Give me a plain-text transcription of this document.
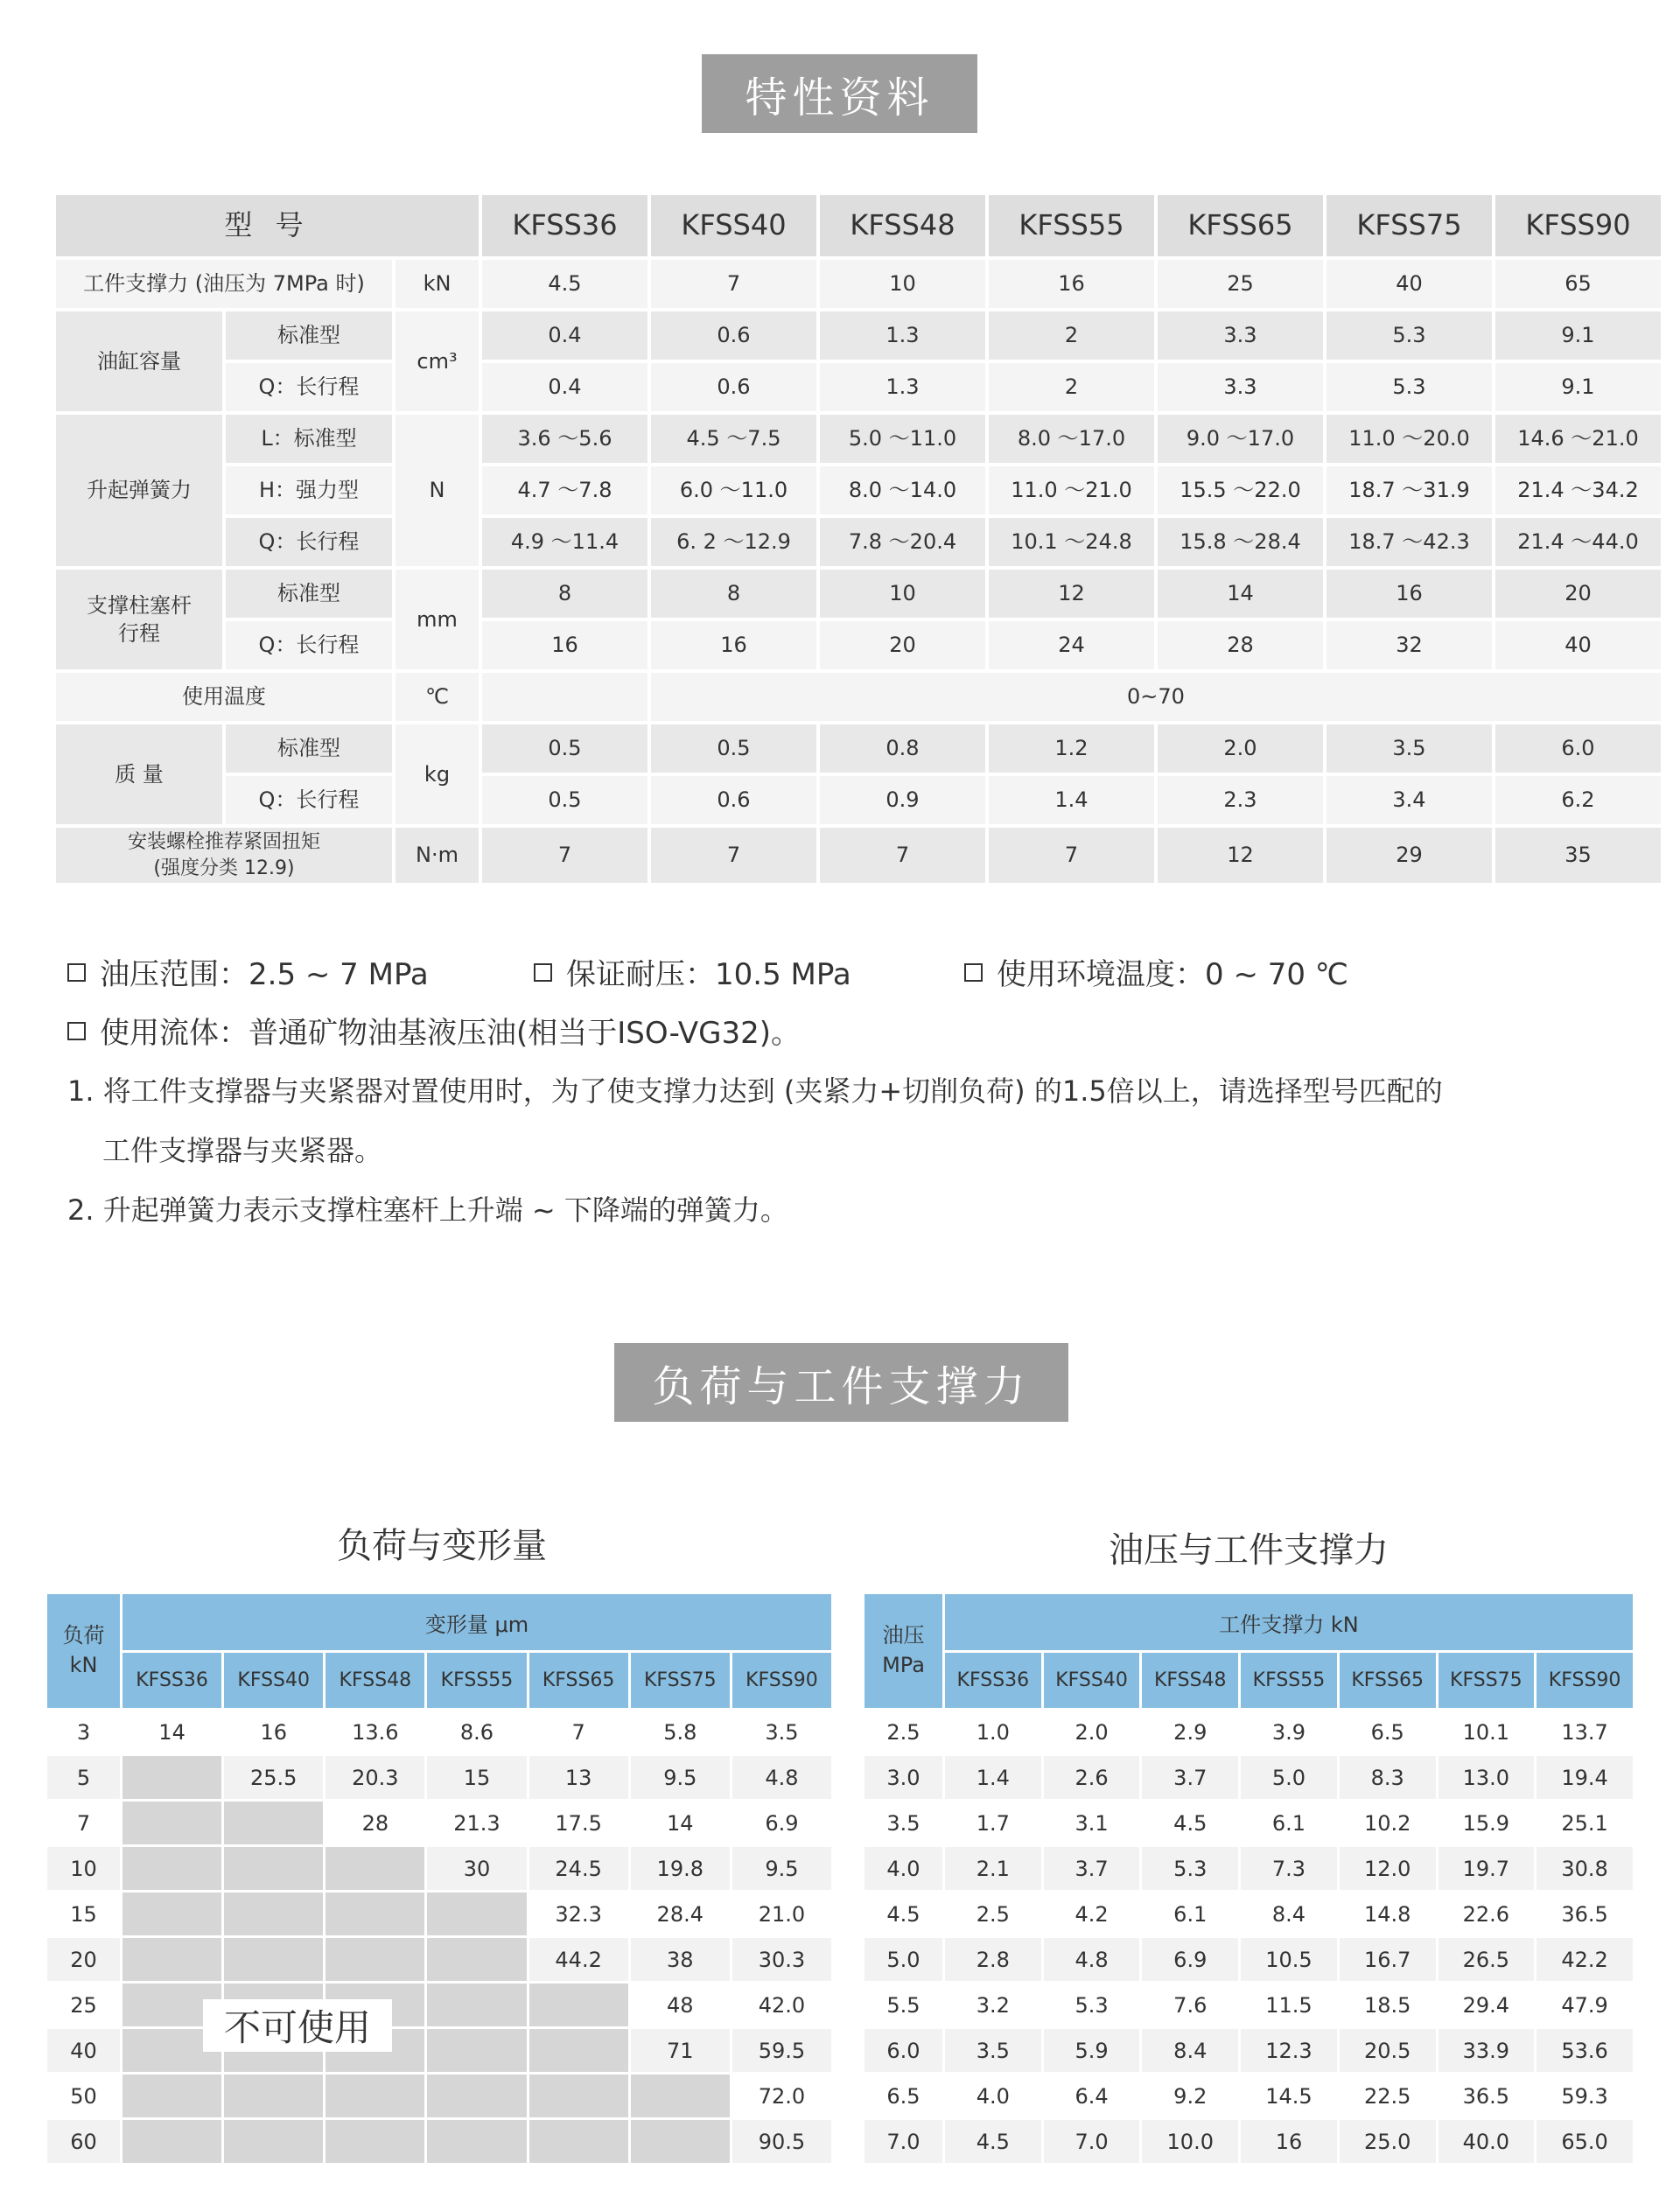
特性资料
型 号	KFSS36	KFSS40	KFSS48	KFSS55	KFSS65	KFSS75	KFSS90
工件支撑力 (油压为 7MPa 时)	kN	4.5	7	10	16	25	40	65
油缸容量	cm³
标准型	0.4	0.6	1.3	2	3.3	5.3	9.1
Q：长行程	0.4	0.6	1.3	2	3.3	5.3	9.1
升起弹簧力	N
L：标准型	3.6 ～5.6	4.5 ～7.5	5.0 ～11.0	8.0 ～17.0	9.0 ～17.0	11.0 ～20.0	14.6 ～21.0
H：强力型	4.7 ～7.8	6.0 ～11.0	8.0 ～14.0	11.0 ～21.0	15.5 ～22.0	18.7 ～31.9	21.4 ～34.2
Q：长行程	4.9 ～11.4	6. 2 ～12.9	7.8 ～20.4	10.1 ～24.8	15.8 ～28.4	18.7 ～42.3	21.4 ～44.0
支撑柱塞杆
行程
mm
标准型	8	8	10	12	14	16	20
Q：长行程	16	16	20	24	28	32	40
使用温度	℃	0~70
质 量	kg
标准型	0.5	0.5	0.8	1.2	2.0	3.5	6.0
Q：长行程	0.5	0.6	0.9	1.4	2.3	3.4	6.2
安装螺栓推荐紧固扭矩
(强度分类 12.9)
N·m	7	7	7	7	12	29	35
油压范围：2.5 ~ 7 MPa	保证耐压：10.5 MPa	使用环境温度：0 ~ 70 ℃
使用流体：普通矿物油基液压油(相当于ISO-VG32)。
1. 将工件支撑器与夹紧器对置使用时，为了使支撑力达到 (夹紧力+切削负荷) 的1.5倍以上，请选择型号匹配的
工件支撑器与夹紧器。
2. 升起弹簧力表示支撑柱塞杆上升端 ~ 下降端的弹簧力。
负荷与工件支撑力
负荷与变形量	油压与工件支撑力
负荷
kN	变形量 μm						
	KFSS36	KFSS40	KFSS48	KFSS55	KFSS65	KFSS75	KFSS90
3	14	16	13.6	8.6	7	5.8	3.5
5		25.5	20.3	15	13	9.5	4.8
7			28	21.3	17.5	14	6.9
10				30	24.5	19.8	9.5
15					32.3	28.4	21.0
20					44.2	38	30.3
25						48	42.0
40						71	59.5
50							72.0
60							90.5
不可使用
油压
MPa	工件支撑力 kN						
	KFSS36	KFSS40	KFSS48	KFSS55	KFSS65	KFSS75	KFSS90
2.5	1.0	2.0	2.9	3.9	6.5	10.1	13.7
3.0	1.4	2.6	3.7	5.0	8.3	13.0	19.4
3.5	1.7	3.1	4.5	6.1	10.2	15.9	25.1
4.0	2.1	3.7	5.3	7.3	12.0	19.7	30.8
4.5	2.5	4.2	6.1	8.4	14.8	22.6	36.5
5.0	2.8	4.8	6.9	10.5	16.7	26.5	42.2
5.5	3.2	5.3	7.6	11.5	18.5	29.4	47.9
6.0	3.5	5.9	8.4	12.3	20.5	33.9	53.6
6.5	4.0	6.4	9.2	14.5	22.5	36.5	59.3
7.0	4.5	7.0	10.0	16	25.0	40.0	65.0
